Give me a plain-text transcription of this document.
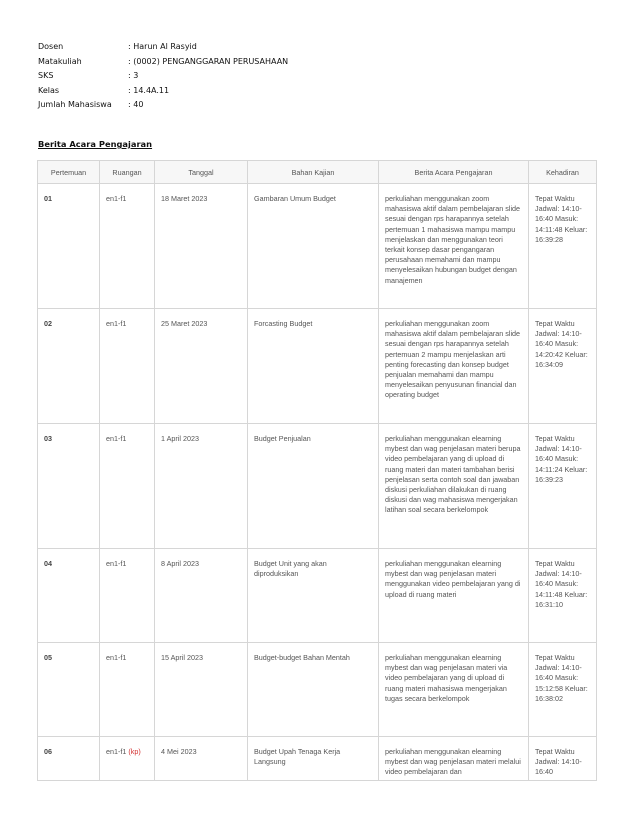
Dosen	: Harun Al Rasyid
Matakuliah	: (0002) PENGANGGARAN PERUSAHAAN
SKS	: 3
Kelas	: 14.4A.11
Jumlah Mahasiswa	: 40
Berita Acara Pengajaran
Pertemuan	Ruangan	Tanggal	Bahan Kajian	Berita Acara Pengajaran	Kehadiran
01	en1-f1	18 Maret 2023	Gambaran Umum Budget	perkuliahan menggunakan zoom mahasiswa aktif dalam pembelajaran slide sesuai dengan rps harapannya setelah pertemuan 1 mahasiswa mampu mampu menjelaskan dan menggunakan teori terkait konsep dasar pengangaran perusahaan memahami dan mampu menyelesaikan hubungan budget dengan manajemen	Tepat Waktu Jadwal: 14:10-16:40 Masuk: 14:11:48 Keluar: 16:39:28
02	en1-f1	25 Maret 2023	Forcasting Budget	perkuliahan menggunakan zoom mahasiswa aktif dalam pembelajaran slide sesuai dengan rps harapannya setelah pertemuan 2 mampu menjelaskan arti penting forecasting dan konsep budget penjualan memahami dan mampu menyelesaikan penyusunan financial dan operating budget	Tepat Waktu Jadwal: 14:10-16:40 Masuk: 14:20:42 Keluar: 16:34:09
03	en1-f1	1 April 2023	Budget Penjualan	perkuliahan menggunakan elearning mybest dan wag penjelasan materi berupa video pembelajaran yang di upload di ruang materi dan materi tambahan berisi penjelasan serta contoh soal dan jawaban diskusi perkuliahan dilakukan di ruang diskusi dan wag mahasiswa mengerjakan latihan soal secara berkelompok	Tepat Waktu Jadwal: 14:10-16:40 Masuk: 14:11:24 Keluar: 16:39:23
04	en1-f1	8 April 2023	Budget Unit yang akan diproduksikan	perkuliahan menggunakan elearning mybest dan wag penjelasan materi menggunakan video pembelajaran yang di upload di ruang materi	Tepat Waktu Jadwal: 14:10-16:40 Masuk: 14:11:48 Keluar: 16:31:10
05	en1-f1	15 April 2023	Budget-budget Bahan Mentah	perkuliahan menggunakan elearning mybest dan wag penjelasan materi via video pembelajaran yang di upload di ruang materi mahasiswa mengerjakan tugas secara berkelompok	Tepat Waktu Jadwal: 14:10-16:40 Masuk: 15:12:58 Keluar: 16:38:02
06	en1-f1 (kp)	4 Mei 2023	Budget Upah Tenaga Kerja Langsung	perkuliahan menggunakan elearning mybest dan wag penjelasan materi melalui video pembelajaran dan	Tepat Waktu Jadwal: 14:10-16:40
